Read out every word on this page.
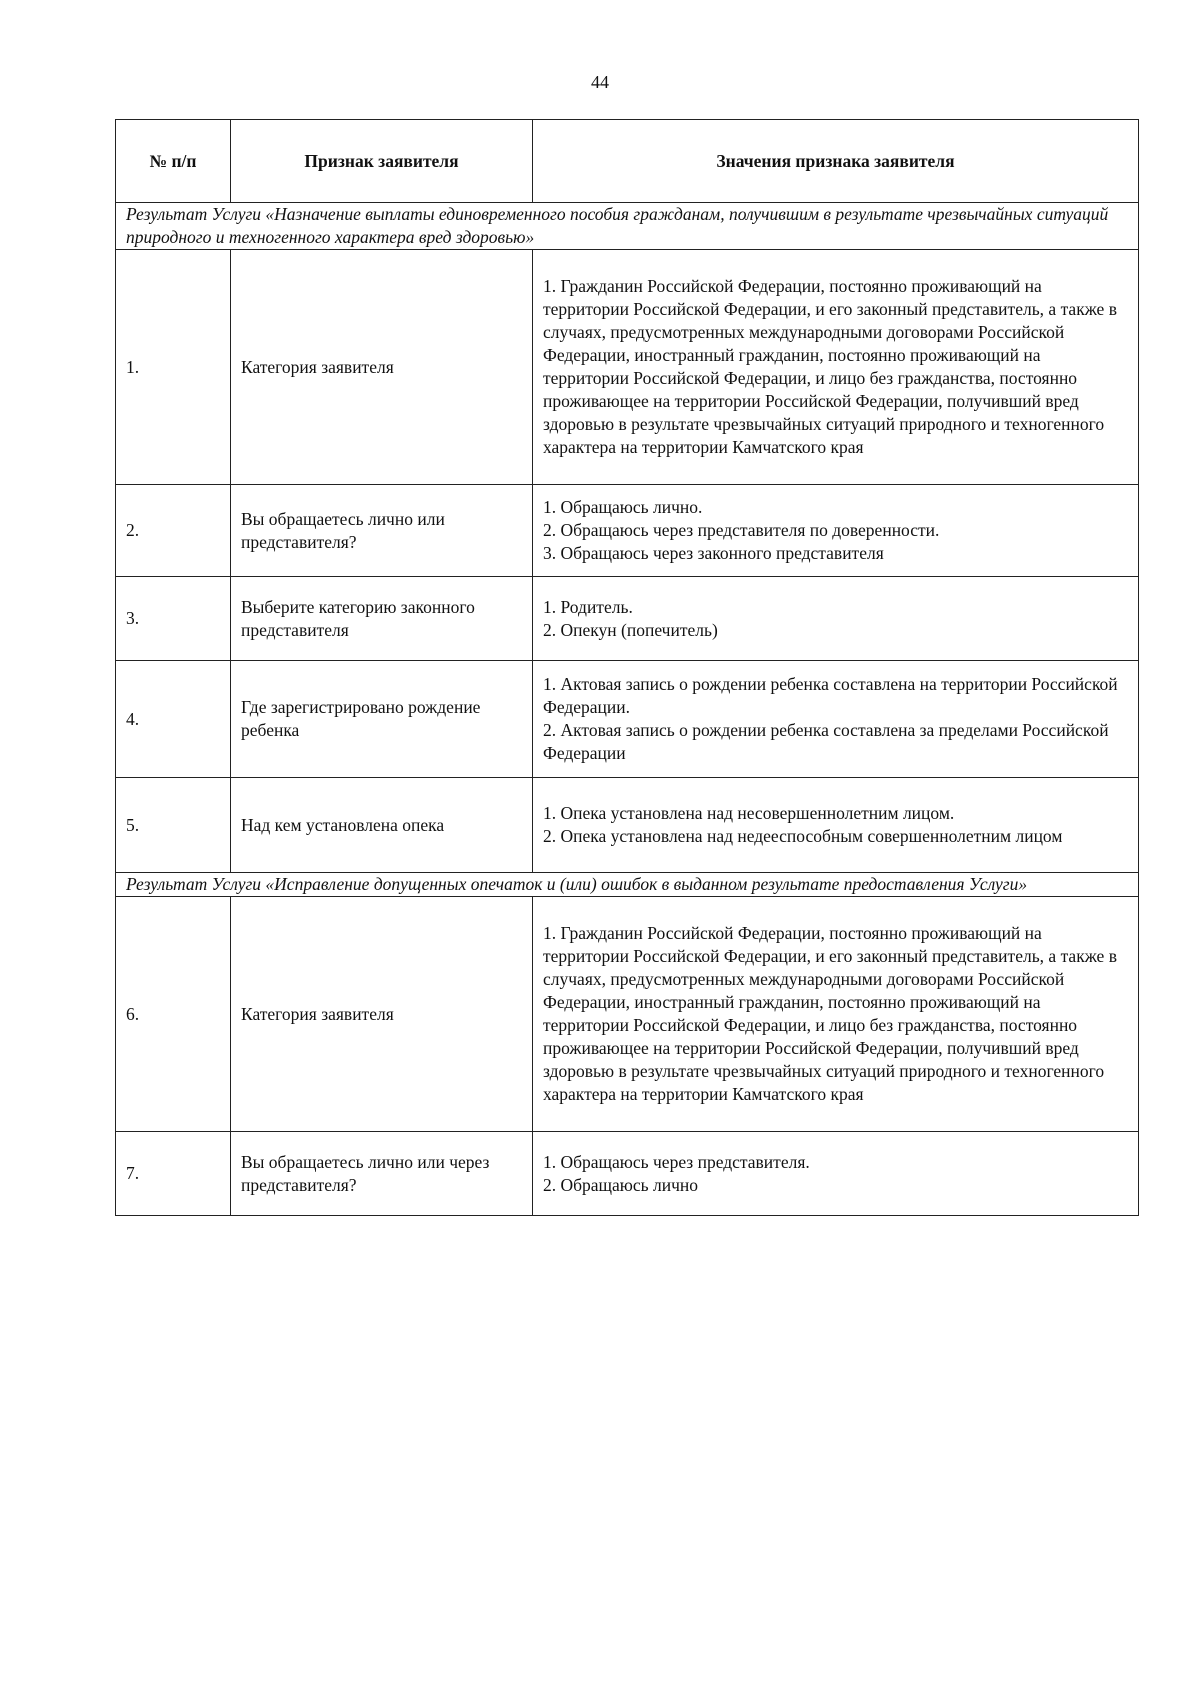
44
№ п/п	Признак заявителя	Значения признака заявителя
Результат Услуги «Назначение выплаты единовременного пособия гражданам, получившим в результате чрезвычайных ситуаций природного и техногенного характера вред здоровью»		
1.	Категория заявителя	1. Гражданин Российской Федерации, постоянно проживающий на территории Российской Федерации, и его законный представитель, а также в случаях, предусмотренных международными договорами Российской Федерации, иностранный гражданин, постоянно проживающий на территории Российской Федерации, и лицо без гражданства, постоянно проживающее на территории Российской Федерации, получивший вред здоровью в результате чрезвычайных ситуаций природного и техногенного характера на территории Камчатского края
2.	Вы обращаетесь лично или представителя?	1. Обращаюсь лично.
2. Обращаюсь через представителя по доверенности.
3. Обращаюсь через законного представителя
3.	Выберите категорию законного представителя	1. Родитель.
2. Опекун (попечитель)
4.	Где зарегистрировано рождение ребенка	1. Актовая запись о рождении ребенка составлена на территории Российской Федерации.
2. Актовая запись о рождении ребенка составлена за пределами Российской Федерации
5.	Над кем установлена опека	1. Опека установлена над несовершеннолетним лицом.
2. Опека установлена над недееспособным совершеннолетним лицом
Результат Услуги «Исправление допущенных опечаток и (или) ошибок в выданном результате предоставления Услуги»		
6.	Категория заявителя	1. Гражданин Российской Федерации, постоянно проживающий на территории Российской Федерации, и его законный представитель, а также в случаях, предусмотренных международными договорами Российской Федерации, иностранный гражданин, постоянно проживающий на территории Российской Федерации, и лицо без гражданства, постоянно проживающее на территории Российской Федерации, получивший вред здоровью в результате чрезвычайных ситуаций природного и техногенного характера на территории Камчатского края
7.	Вы обращаетесь лично или через представителя?	1. Обращаюсь через представителя.
2. Обращаюсь лично
